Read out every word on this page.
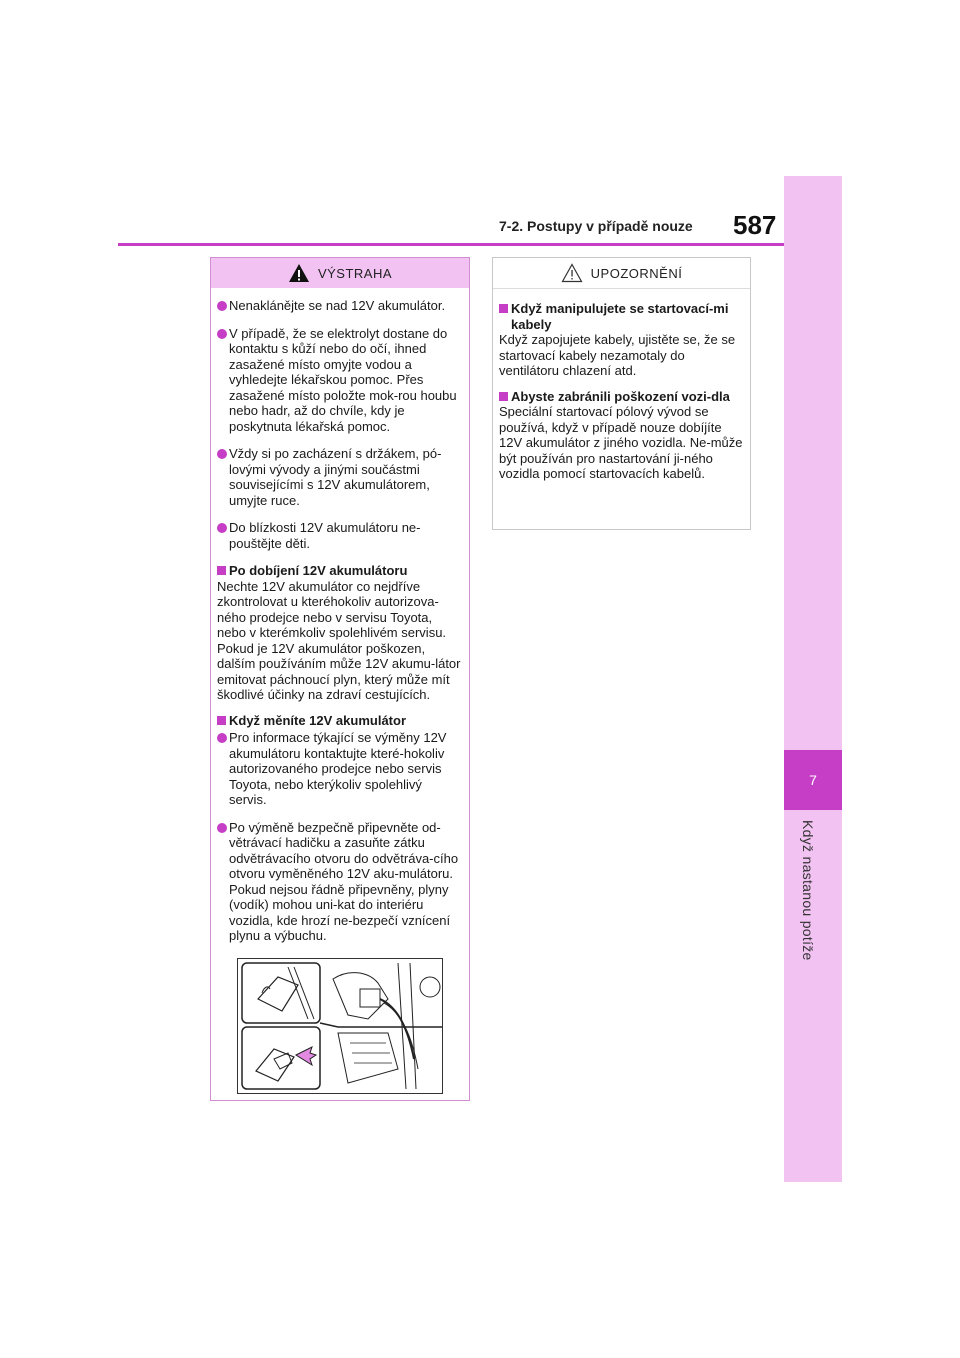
7
Když nastanou potíže
7-2. Postupy v případě nouze 587
VÝSTRAHA
Nenaklánějte se nad 12V akumulátor.
V případě, že se elektrolyt dostane do kontaktu s kůží nebo do očí, ihned zasažené místo omyjte vodou a vyhledejte lékařskou pomoc. Přes zasažené místo položte mok-rou houbu nebo hadr, až do chvíle, kdy je poskytnuta lékařská pomoc.
Vždy si po zacházení s držákem, pó-lovými vývody a jinými součástmi souvisejícími s 12V akumulátorem, umyjte ruce.
Do blízkosti 12V akumulátoru ne-pouštějte děti.
Po dobíjení 12V akumulátoru
Nechte 12V akumulátor co nejdříve zkontrolovat u kteréhokoliv autorizova-ného prodejce nebo v servisu Toyota, nebo v kterémkoliv spolehlivém servisu. Pokud je 12V akumulátor poškozen, dalším používáním může 12V akumu-látor emitovat páchnoucí plyn, který může mít škodlivé účinky na zdraví cestujících.
Když měníte 12V akumulátor
Pro informace týkající se výměny 12V akumulátoru kontaktujte které-hokoliv autorizovaného prodejce nebo servis Toyota, nebo kterýkoliv spolehlivý servis.
Po výměně bezpečně připevněte od-větrávací hadičku a zasuňte zátku odvětrávacího otvoru do odvětráva-cího otvoru vyměněného 12V aku-mulátoru. Pokud nejsou řádně připevněny, plyny (vodík) mohou uni-kat do interiéru vozidla, kde hrozí ne-bezpečí vznícení plynu a výbuchu.
UPOZORNĚNÍ
Když manipulujete se startovací-mi kabely
Když zapojujete kabely, ujistěte se, že se startovací kabely nezamotaly do ventilátoru chlazení atd.
Abyste zabránili poškození vozi-dla
Speciální startovací pólový vývod se používá, když v případě nouze dobíjíte 12V akumulátor z jiného vozidla. Ne-může být používán pro nastartování ji-ného vozidla pomocí startovacích kabelů.
